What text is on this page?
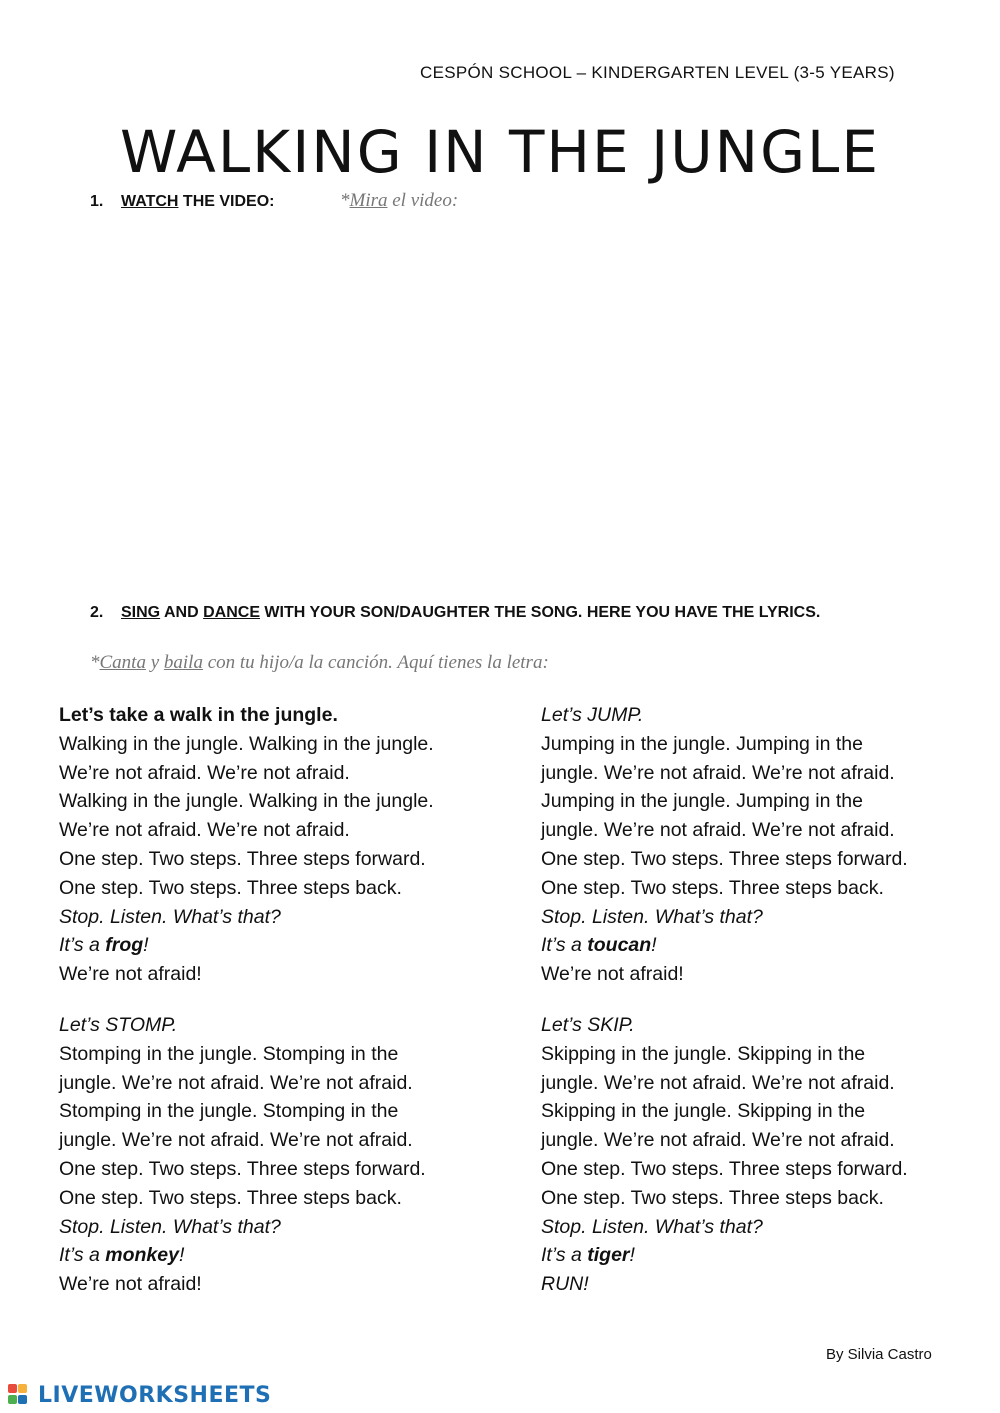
CESPÓN SCHOOL – KINDERGARTEN LEVEL (3-5 YEARS)
WALKING IN THE JUNGLE
1. WATCH THE VIDEO:	*Mira el video:
2. SING AND DANCE WITH YOUR SON/DAUGHTER THE SONG. HERE YOU HAVE THE LYRICS.
*Canta y baila con tu hijo/a la canción. Aquí tienes la letra:
Let’s take a walk in the jungle.
Walking in the jungle. Walking in the jungle.
We’re not afraid. We’re not afraid.
Walking in the jungle. Walking in the jungle.
We’re not afraid. We’re not afraid.
One step. Two steps. Three steps forward.
One step. Two steps. Three steps back.
Stop. Listen. What’s that?
It’s a frog!
We’re not afraid!
Let’s JUMP.
Jumping in the jungle. Jumping in the
jungle. We’re not afraid. We’re not afraid.
Jumping in the jungle. Jumping in the
jungle. We’re not afraid. We’re not afraid.
One step. Two steps. Three steps forward.
One step. Two steps. Three steps back.
Stop. Listen. What’s that?
It’s a toucan!
We’re not afraid!
Let’s STOMP.
Stomping in the jungle. Stomping in the
jungle. We’re not afraid. We’re not afraid.
Stomping in the jungle. Stomping in the
jungle. We’re not afraid. We’re not afraid.
One step. Two steps. Three steps forward.
One step. Two steps. Three steps back.
Stop. Listen. What’s that?
It’s a monkey!
We’re not afraid!
Let’s SKIP.
Skipping in the jungle. Skipping in the
jungle. We’re not afraid. We’re not afraid.
Skipping in the jungle. Skipping in the
jungle. We’re not afraid. We’re not afraid.
One step. Two steps. Three steps forward.
One step. Two steps. Three steps back.
Stop. Listen. What’s that?
It’s a tiger!
RUN!
By Silvia Castro
LIVEWORKSHEETS
